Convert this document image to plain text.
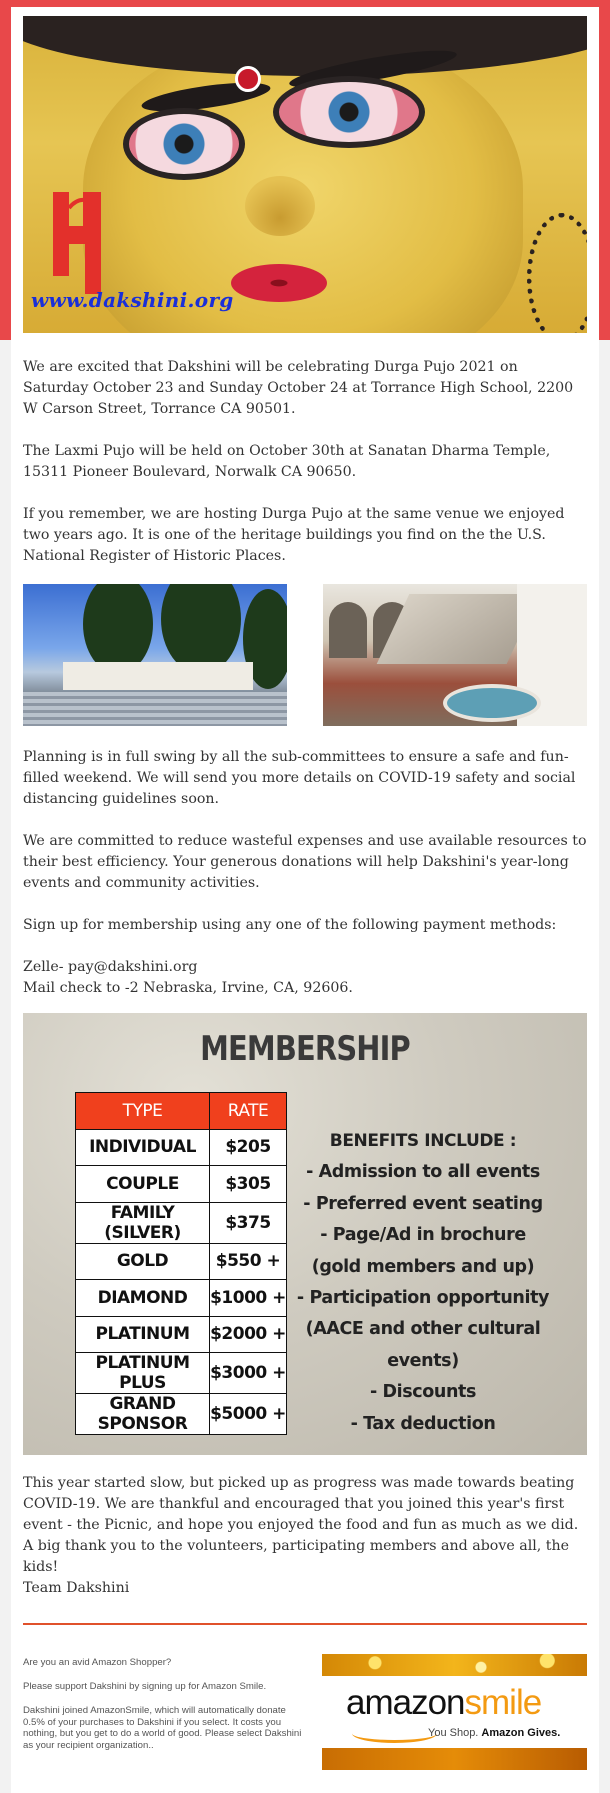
www.dakshini.org

We are excited that Dakshini will be celebrating Durga Pujo 2021 on Saturday October 23 and Sunday October 24 at Torrance High School, 2200 W Carson Street, Torrance CA 90501.

The Laxmi Pujo will be held on October 30th at Sanatan Dharma Temple, 15311 Pioneer Boulevard, Norwalk CA 90650.

If you remember, we are hosting Durga Pujo at the same venue we enjoyed two years ago. It is one of the heritage buildings you find on the the U.S. National Register of Historic Places.

Planning is in full swing by all the sub-committees to ensure a safe and fun-filled weekend. We will send you more details on COVID-19 safety and social distancing guidelines soon.

We are committed to reduce wasteful expenses and use available resources to their best efficiency. Your generous donations will help Dakshini's year-long events and community activities.

Sign up for membership using any one of the following payment methods:

Zelle- pay@dakshini.org

Mail check to -2 Nebraska, Irvine, CA, 92606.

MEMBERSHIP
TYPE	RATE
INDIVIDUAL	$205
COUPLE	$305
FAMILY (SILVER)	$375
GOLD	$550 +
DIAMOND	$1000 +
PLATINUM	$2000 +
PLATINUM PLUS	$3000 +
GRAND SPONSOR	$5000 +
BENEFITS INCLUDE :
- Admission to all events
- Preferred event seating
- Page/Ad in brochure
(gold members and up)
- Participation opportunity
(AACE and other cultural events)
- Discounts
- Tax deduction

This year started slow, but picked up as progress was made towards beating COVID-19. We are thankful and encouraged that you joined this year's first event - the Picnic, and hope you enjoyed the food and fun as much as we did. A big thank you to the volunteers, participating members and above all, the kids!

Team Dakshini

Are you an avid Amazon Shopper?

Please support Dakshini by signing up for Amazon Smile.

Dakshini joined AmazonSmile, which will automatically donate 0.5% of your purchases to Dakshini if you select. It costs you nothing, but you get to do a world of good. Please select Dakshini as your recipient organization..

amazonsmile
You Shop. Amazon Gives.
